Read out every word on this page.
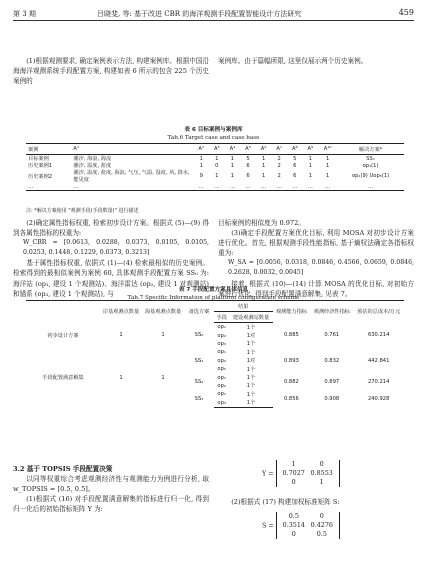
第 3 期	吕晓斐, 等: 基于改进 CBR 的海洋观测手段配置智能设计方法研究	459

(1)根据观测要求, 确定案例表示方法, 构建案例库。根据中国沿海海洋观测系统手段配置方案, 构建如表 6 所示的包含 225 个历史案例的

案例库。由于篇幅所限, 这里仅展示两个历史案例。

表 6 目标案例与案例库
Tab.6 Target case and case base
案例	A¹	A²	A³	A⁴	A⁵	A⁶	A⁷	A⁸	A⁹	A¹⁰	解决方案*
目标案例	潮汐, 海浪, 海流	1	1	1	5	1	2	5	1	1	SSₙ
历史案例1	潮汐, 温度, 盐度	1	0	1	6	1	2	6	1	1	op₁(1)
历史案例2	潮汐, 温度, 盐度, 海浪, 气压, 气温, 湿度, 风, 降水, 能见度	9	1	1	6	1	2	6	1	1	op₁(9) Uop₅(1)
…	…	…	…	…	…	…	…	…	…	…	…
注: *解决方案使用 "观测手段(手段数量)" 进行描述

(2)确定属性指标权重, 检索初步设计方案。根据式 (5)—(9) 得到各属性指标的权重为:

W_CBR = [0.0613, 0.0288, 0.0373, 0.0105, 0.0105, 0.0253, 0.1448, 0.1229, 0.0373, 0.3213]

基于属性指标权重, 依据式 (1)—(4) 检索最相似的历史案例。检索得到的最相似案例为案例 60, 具体观测手段配置方案 SS₀ 为: 海洋站 (op₁, 建设 1 个观测站)、海洋雷达 (op₂, 建设 1 对观测站) 和锚系 (op₃, 建设 1 个观测站), 与

目标案例的相似度为 0.972。

(3)确定手段配置方案优化目标, 利用 MOSA 对初步设计方案进行优化。首先, 根据观测手段性能指标, 基于熵权法确定各指标权重为:

W_SA = [0.0056, 0.0318, 0.0846, 0.4566, 0.0659, 0.0846, 0.2628, 0.0032, 0.0045]

接着, 根据式 (10)—(14) 计算 MOSA 的优化目标, 对初始方案进行优化, 得到手段配置满意解集, 见表 7。

表 7 手段配置方案具体信息
Tab.7 Specific Information of platform configuration scheme
	岸基观测点数量	海基观测点数量	备选方案	结果		观测能力指标	观测经济性指标	预估的总成本/万元
				手段	建设观测站数量			
初步设计方案	1	1	SS₀	op₁	1个	0.885	0.761	630.214
				op₂	1对			
				op₃	1个			
手段配置满意解集	1	1	SS₁	op₁	1个	0.893	0.832	442.841
				op₂	1对			
				op₅	1个			
			SS₂	op₁	1个	0.882	0.897	270.214
				op₅	1个			
			SS₃	op₁	1个	0.856	0.908	240.928
				op₃	1个			

3.2 基于 TOPSIS 手段配置决策

以同等权重综合考虑观测经济性与观测能力为例进行分析, 取 w_TOPSIS = [0.5, 0.5]。

(1)根据式 (16) 对手段配置满意解集的指标进行归一化, 得到归一化后的初始指标矩阵 Y 为:

Y =
1	0
0.7027 0.8553
0	1

(2)根据式 (17) 构建加权标准矩阵 S:

S =
0.5	0
0.3514 0.4276
0	0.5
